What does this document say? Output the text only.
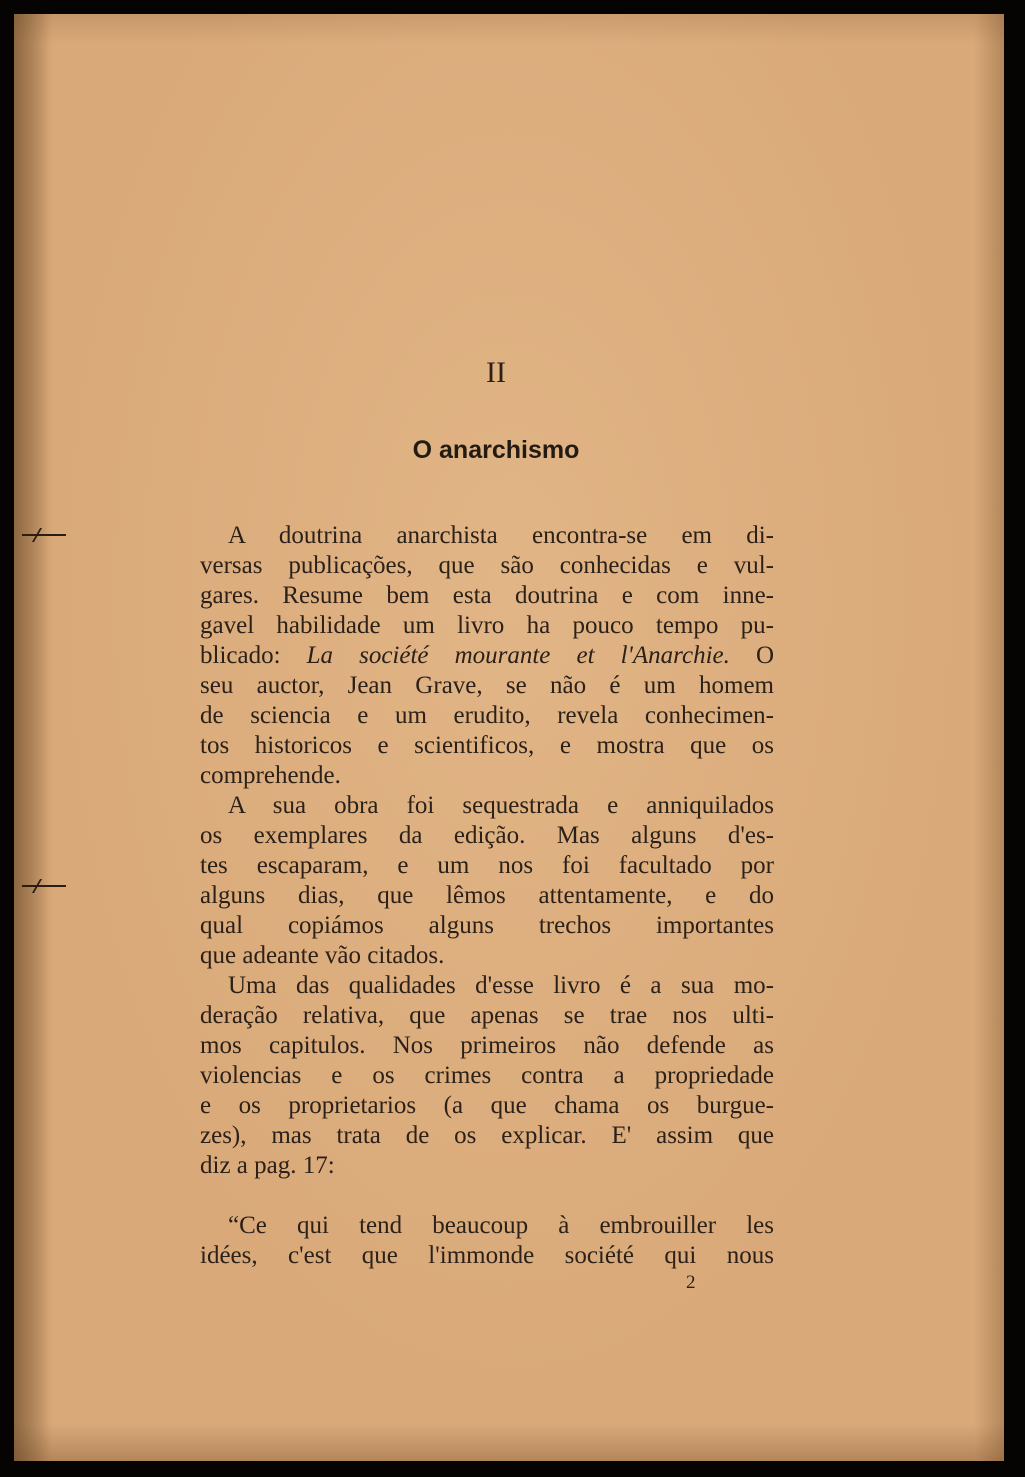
II
O anarchismo
A doutrina anarchista encontra-se em di-
versas publicações, que são conhecidas e vul-
gares. Resume bem esta doutrina e com inne-
gavel habilidade um livro ha pouco tempo pu-
blicado: La société mourante et l'Anarchie. O
seu auctor, Jean Grave, se não é um homem
de sciencia e um erudito, revela conhecimen-
tos historicos e scientificos, e mostra que os
comprehende.
A sua obra foi sequestrada e anniquilados
os exemplares da edição. Mas alguns d'es-
tes escaparam, e um nos foi facultado por
alguns dias, que lêmos attentamente, e do
qual copiámos alguns trechos importantes
que adeante vão citados.
Uma das qualidades d'esse livro é a sua mo-
deração relativa, que apenas se trae nos ulti-
mos capitulos. Nos primeiros não defende as
violencias e os crimes contra a propriedade
e os proprietarios (a que chama os burgue-
zes), mas trata de os explicar. E' assim que
diz a pag. 17:
“Ce qui tend beaucoup à embrouiller les
idées, c'est que l'immonde société qui nous
2
